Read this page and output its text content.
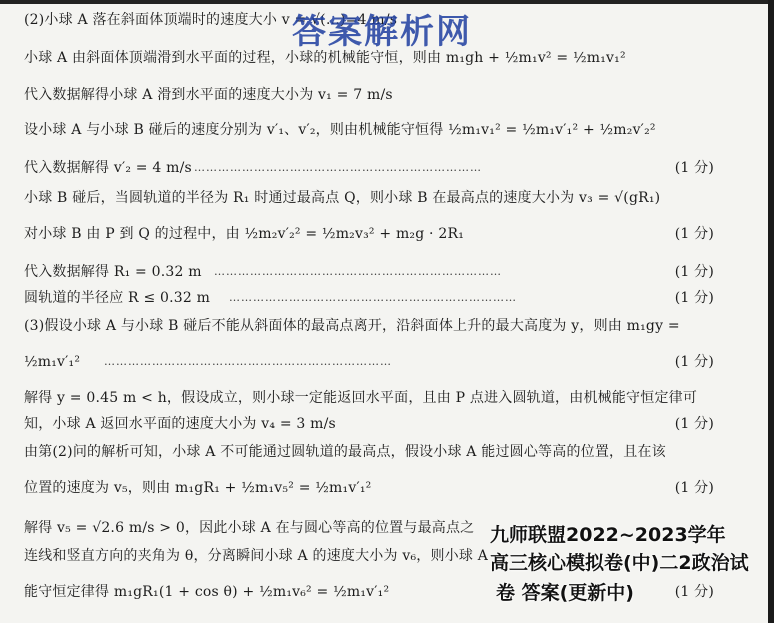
(2)小球 A 落在斜面体顶端时的速度大小 v = √(…)=4 m/s
小球 A 由斜面体顶端滑到水平面的过程，小球的机械能守恒，则由 m₁gh + ½m₁v² = ½m₁v₁²
代入数据解得小球 A 滑到水平面的速度大小为 v₁ = 7 m/s
设小球 A 与小球 B 碰后的速度分别为 v′₁、v′₂，则由机械能守恒得 ½m₁v₁² = ½m₁v′₁² + ½m₂v′₂²
代入数据解得 v′₂ = 4 m/s ………………………………………………………………	(1 分)
小球 B 碰后，当圆轨道的半径为 R₁ 时通过最高点 Q，则小球 B 在最高点的速度大小为 v₃ = √(gR₁)
对小球 B 由 P 到 Q 的过程中，由 ½m₂v′₂² = ½m₂v₃² + m₂g · 2R₁	(1 分)
代入数据解得 R₁ = 0.32 m ………………………………………………………………	(1 分)
圆轨道的半径应 R ≤ 0.32 m ………………………………………………………………	(1 分)
(3)假设小球 A 与小球 B 碰后不能从斜面体的最高点离开，沿斜面体上升的最大高度为 y，则由 m₁gy =
½m₁v′₁² ………………………………………………………………	(1 分)
解得 y = 0.45 m < h，假设成立，则小球一定能返回水平面，且由 P 点进入圆轨道，由机械能守恒定律可
知，小球 A 返回水平面的速度大小为 v₄ = 3 m/s	(1 分)
由第(2)问的解析可知，小球 A 不可能通过圆轨道的最高点，假设小球 A 能过圆心等高的位置，且在该
位置的速度为 v₅，则由 m₁gR₁ + ½m₁v₅² = ½m₁v′₁²	(1 分)
解得 v₅ = √2.6 m/s > 0，因此小球 A 在与圆心等高的位置与最高点之
连线和竖直方向的夹角为 θ，分离瞬间小球 A 的速度大小为 v₆，则小球 A
能守恒定律得 m₁gR₁(1 + cos θ) + ½m₁v₆² = ½m₁v′₁²	(1 分)
答案解析网
九师联盟2022~2023学年
高三核心模拟卷(中)二2政治试
卷 答案(更新中)
